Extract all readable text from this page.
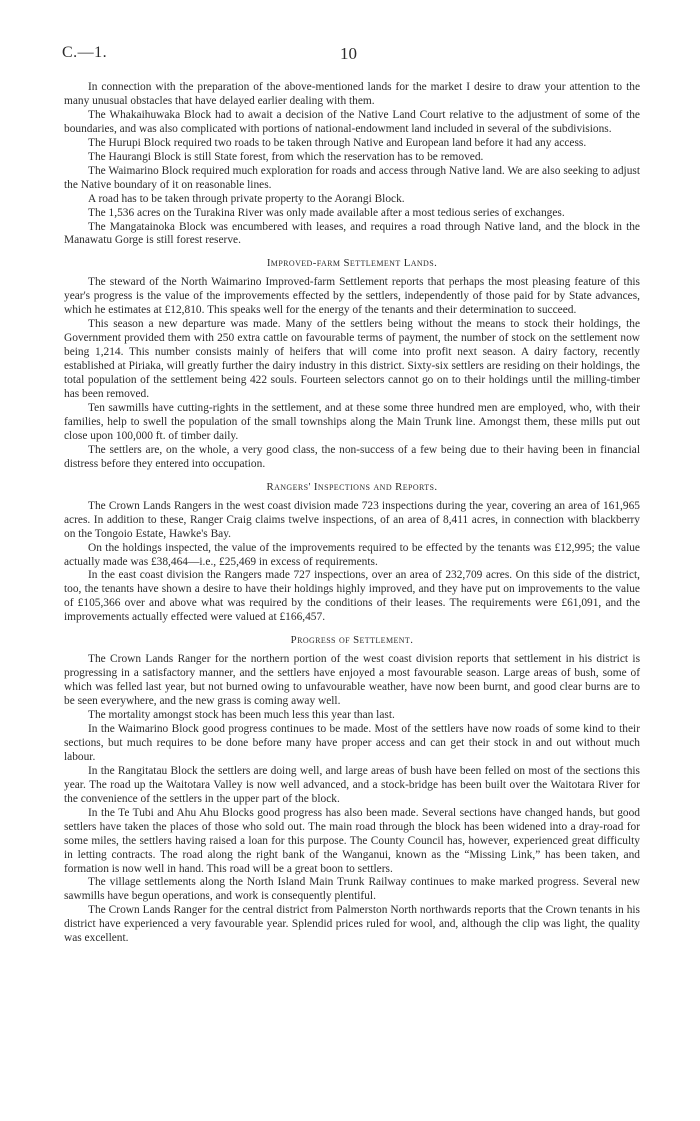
C.—1.	10

In connection with the preparation of the above-mentioned lands for the market I desire to draw your attention to the many unusual obstacles that have delayed earlier dealing with them.

The Whakaihuwaka Block had to await a decision of the Native Land Court relative to the adjustment of some of the boundaries, and was also complicated with portions of national-endowment land included in several of the subdivisions.

The Hurupi Block required two roads to be taken through Native and European land before it had any access.

The Haurangi Block is still State forest, from which the reservation has to be removed.

The Waimarino Block required much exploration for roads and access through Native land. We are also seeking to adjust the Native boundary of it on reasonable lines.

A road has to be taken through private property to the Aorangi Block.

The 1,536 acres on the Turakina River was only made available after a most tedious series of exchanges.

The Mangatainoka Block was encumbered with leases, and requires a road through Native land, and the block in the Manawatu Gorge is still forest reserve.

Improved-farm Settlement Lands.

The steward of the North Waimarino Improved-farm Settlement reports that perhaps the most pleasing feature of this year's progress is the value of the improvements effected by the settlers, independently of those paid for by State advances, which he estimates at £12,810. This speaks well for the energy of the tenants and their determination to succeed.

This season a new departure was made. Many of the settlers being without the means to stock their holdings, the Government provided them with 250 extra cattle on favourable terms of payment, the number of stock on the settlement now being 1,214. This number consists mainly of heifers that will come into profit next season. A dairy factory, recently established at Piriaka, will greatly further the dairy industry in this district. Sixty-six settlers are residing on their holdings, the total population of the settlement being 422 souls. Fourteen selectors cannot go on to their holdings until the milling-timber has been removed.

Ten sawmills have cutting-rights in the settlement, and at these some three hundred men are employed, who, with their families, help to swell the population of the small townships along the Main Trunk line. Amongst them, these mills put out close upon 100,000 ft. of timber daily.

The settlers are, on the whole, a very good class, the non-success of a few being due to their having been in financial distress before they entered into occupation.

Rangers' Inspections and Reports.

The Crown Lands Rangers in the west coast division made 723 inspections during the year, covering an area of 161,965 acres. In addition to these, Ranger Craig claims twelve inspections, of an area of 8,411 acres, in connection with blackberry on the Tongoio Estate, Hawke's Bay.

On the holdings inspected, the value of the improvements required to be effected by the tenants was £12,995; the value actually made was £38,464—i.e., £25,469 in excess of requirements.

In the east coast division the Rangers made 727 inspections, over an area of 232,709 acres. On this side of the district, too, the tenants have shown a desire to have their holdings highly improved, and they have put on improvements to the value of £105,366 over and above what was required by the conditions of their leases. The requirements were £61,091, and the improvements actually effected were valued at £166,457.

Progress of Settlement.

The Crown Lands Ranger for the northern portion of the west coast division reports that settlement in his district is progressing in a satisfactory manner, and the settlers have enjoyed a most favourable season. Large areas of bush, some of which was felled last year, but not burned owing to unfavourable weather, have now been burnt, and good clear burns are to be seen everywhere, and the new grass is coming away well.

The mortality amongst stock has been much less this year than last.

In the Waimarino Block good progress continues to be made. Most of the settlers have now roads of some kind to their sections, but much requires to be done before many have proper access and can get their stock in and out without much labour.

In the Rangitatau Block the settlers are doing well, and large areas of bush have been felled on most of the sections this year. The road up the Waitotara Valley is now well advanced, and a stock-bridge has been built over the Waitotara River for the convenience of the settlers in the upper part of the block.

In the Te Tubi and Ahu Ahu Blocks good progress has also been made. Several sections have changed hands, but good settlers have taken the places of those who sold out. The main road through the block has been widened into a dray-road for some miles, the settlers having raised a loan for this purpose. The County Council has, however, experienced great difficulty in letting contracts. The road along the right bank of the Wanganui, known as the “Missing Link,” has been taken, and formation is now well in hand. This road will be a great boon to settlers.

The village settlements along the North Island Main Trunk Railway continues to make marked progress. Several new sawmills have begun operations, and work is consequently plentiful.

The Crown Lands Ranger for the central district from Palmerston North northwards reports that the Crown tenants in his district have experienced a very favourable year. Splendid prices ruled for wool, and, although the clip was light, the quality was excellent.
